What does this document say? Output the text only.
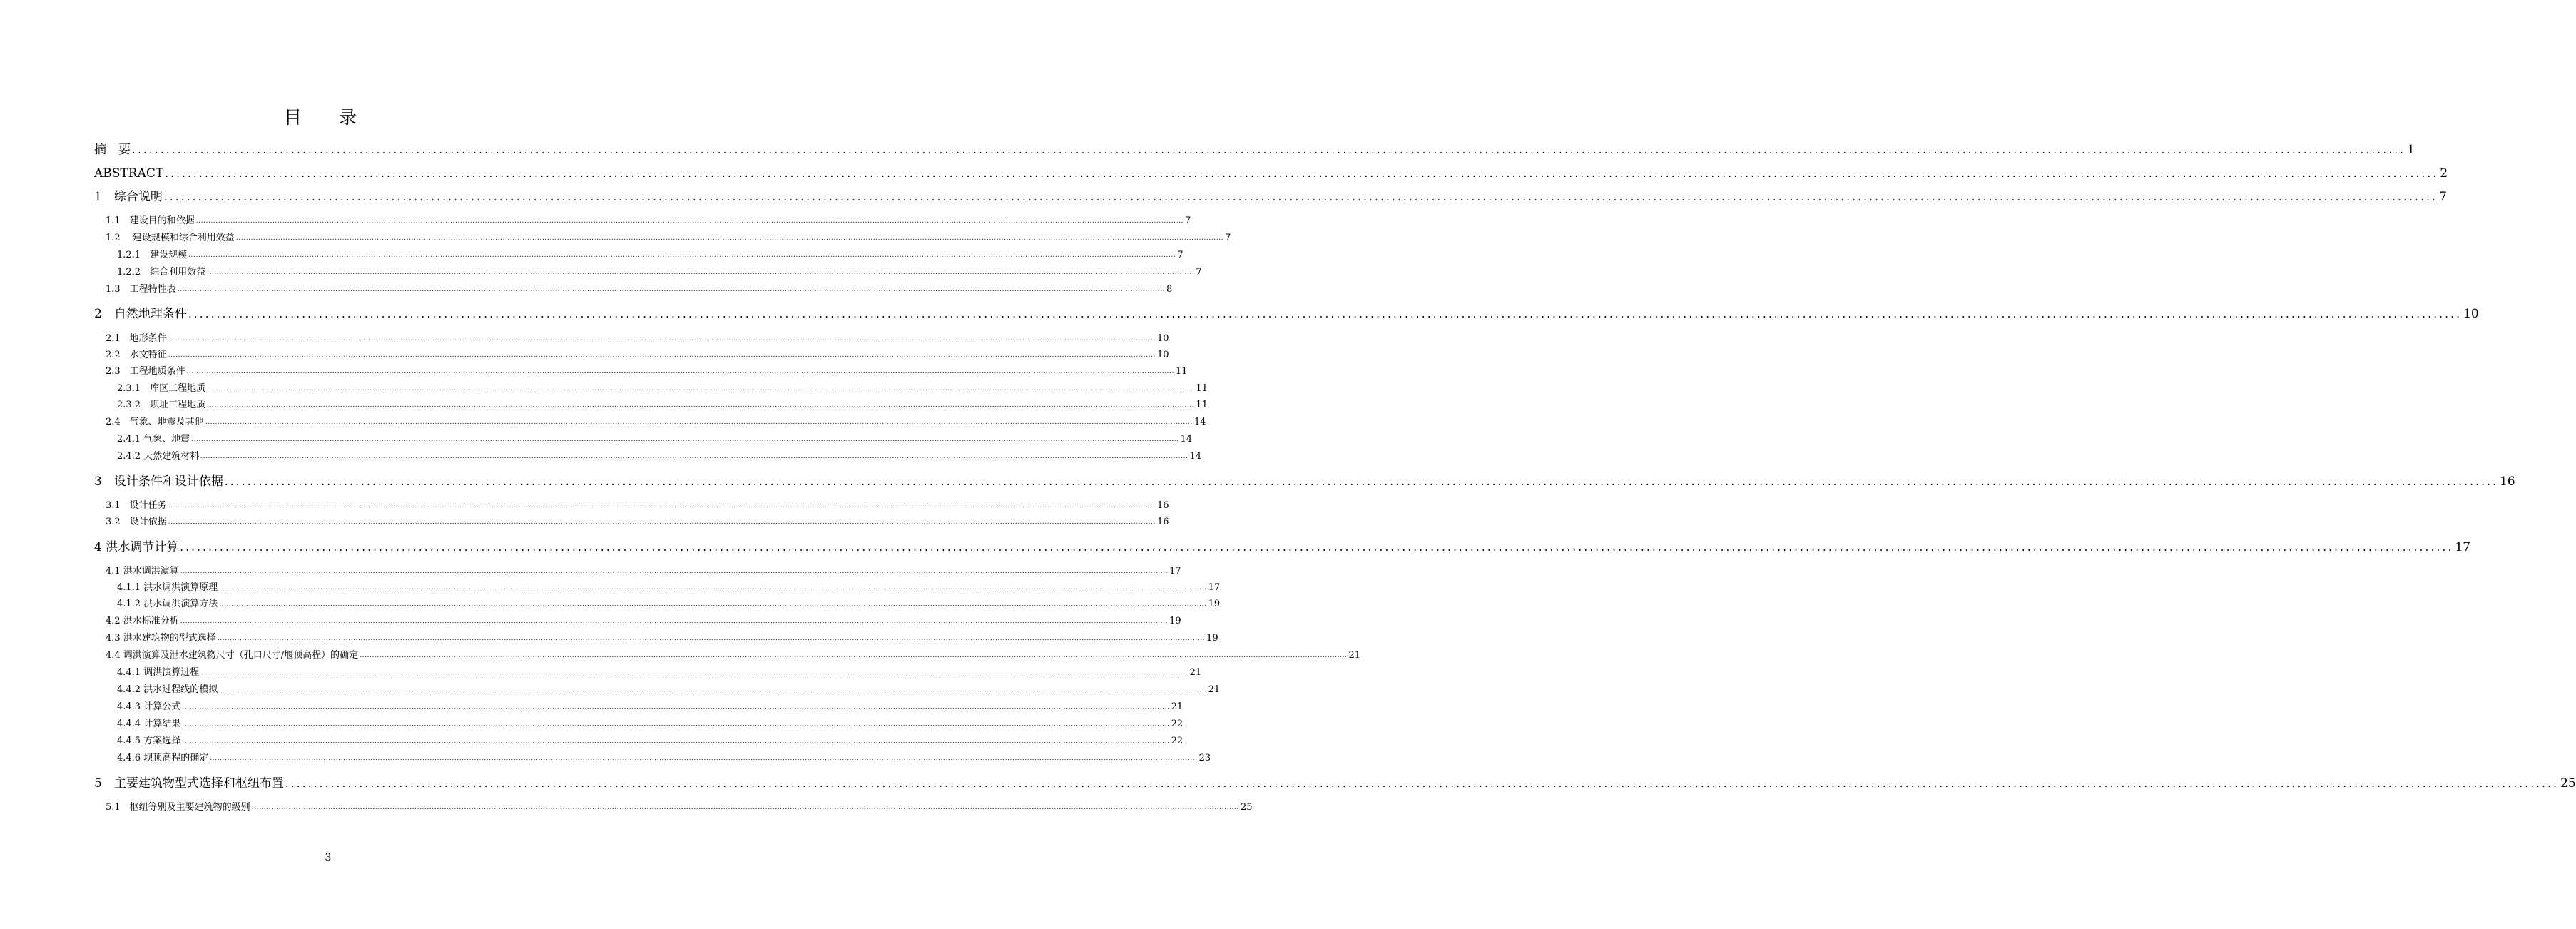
目 录
摘　要 ................................................................................................................................................................................................................................................................................................................................................................................................................ 1
ABSTRACT ................................................................................................................................................................................................................................................................................................................................................................................................................ 2
1　综合说明 ................................................................................................................................................................................................................................................................................................................................................................................................................ 7
1.1　建设目的和依据 ................................................................................................................................................................................................................................................................................................................................................................................................................ 7
1.2　 建设规模和综合利用效益 ................................................................................................................................................................................................................................................................................................................................................................................................................ 7
1.2.1　建设规模 ................................................................................................................................................................................................................................................................................................................................................................................................................ 7
1.2.2　综合利用效益 ................................................................................................................................................................................................................................................................................................................................................................................................................ 7
1.3　工程特性表 ................................................................................................................................................................................................................................................................................................................................................................................................................ 8
2　自然地理条件 ................................................................................................................................................................................................................................................................................................................................................................................................................ 10
2.1　地形条件 ................................................................................................................................................................................................................................................................................................................................................................................................................ 10
2.2　水文特征 ................................................................................................................................................................................................................................................................................................................................................................................................................ 10
2.3　工程地质条件 ................................................................................................................................................................................................................................................................................................................................................................................................................ 11
2.3.1　库区工程地质 ................................................................................................................................................................................................................................................................................................................................................................................................................ 11
2.3.2　坝址工程地质 ................................................................................................................................................................................................................................................................................................................................................................................................................ 11
2.4　气象、地震及其他 ................................................................................................................................................................................................................................................................................................................................................................................................................ 14
2.4.1 气象、地震 ................................................................................................................................................................................................................................................................................................................................................................................................................ 14
2.4.2 天然建筑材料 ................................................................................................................................................................................................................................................................................................................................................................................................................ 14
3　设计条件和设计依据 ................................................................................................................................................................................................................................................................................................................................................................................................................ 16
3.1　设计任务 ................................................................................................................................................................................................................................................................................................................................................................................................................ 16
3.2　设计依据 ................................................................................................................................................................................................................................................................................................................................................................................................................ 16
4 洪水调节计算 ................................................................................................................................................................................................................................................................................................................................................................................................................ 17
4.1 洪水调洪演算 ................................................................................................................................................................................................................................................................................................................................................................................................................ 17
4.1.1 洪水调洪演算原理 ................................................................................................................................................................................................................................................................................................................................................................................................................ 17
4.1.2 洪水调洪演算方法 ................................................................................................................................................................................................................................................................................................................................................................................................................ 19
4.2 洪水标准分析 ................................................................................................................................................................................................................................................................................................................................................................................................................ 19
4.3 洪水建筑物的型式选择 ................................................................................................................................................................................................................................................................................................................................................................................................................ 19
4.4 调洪演算及泄水建筑物尺寸（孔口尺寸/堰顶高程）的确定 ................................................................................................................................................................................................................................................................................................................................................................................................................ 21
4.4.1 调洪演算过程 ................................................................................................................................................................................................................................................................................................................................................................................................................ 21
4.4.2 洪水过程线的模拟 ................................................................................................................................................................................................................................................................................................................................................................................................................ 21
4.4.3 计算公式 ................................................................................................................................................................................................................................................................................................................................................................................................................ 21
4.4.4 计算结果 ................................................................................................................................................................................................................................................................................................................................................................................................................ 22
4.4.5 方案选择 ................................................................................................................................................................................................................................................................................................................................................................................................................ 22
4.4.6 坝顶高程的确定 ................................................................................................................................................................................................................................................................................................................................................................................................................ 23
5　主要建筑物型式选择和枢纽布置 ................................................................................................................................................................................................................................................................................................................................................................................................................ 25
5.1　枢纽等别及主要建筑物的级别 ................................................................................................................................................................................................................................................................................................................................................................................................................ 25
-3-
